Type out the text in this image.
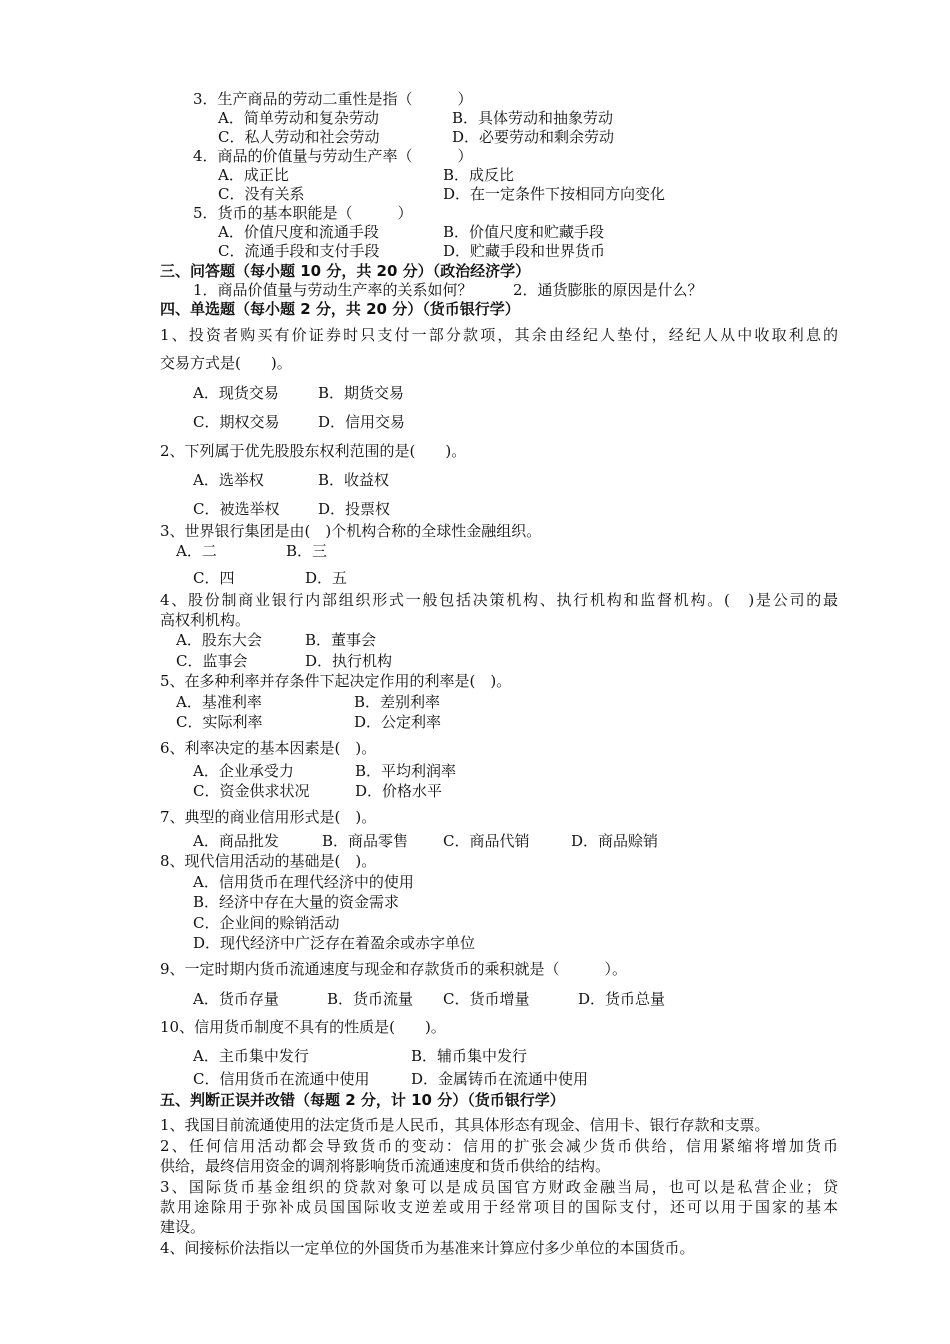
3．生产商品的劳动二重性是指（　　　）
A．简单劳动和复杂劳动	B．具体劳动和抽象劳动
C．私人劳动和社会劳动	D．必要劳动和剩余劳动
4．商品的价值量与劳动生产率（　　　）
A．成正比	B．成反比
C．没有关系	D．在一定条件下按相同方向变化
5．货币的基本职能是（　　　）
A．价值尺度和流通手段	B．价值尺度和贮藏手段
C．流通手段和支付手段	D．贮藏手段和世界货币
三、问答题（每小题 10 分，共 20 分）（政治经济学）
1．商品价值量与劳动生产率的关系如何？	2．通货膨胀的原因是什么？
四、单选题（每小题 2 分，共 20 分）（货币银行学）
1、投资者购买有价证券时只支付一部分款项，其余由经纪人垫付，经纪人从中收取利息的
交易方式是(　　)。
A．现货交易	B．期货交易
C．期权交易	D．信用交易
2、下列属于优先股股东权利范围的是(　　)。
A．选举权	B．收益权
C．被选举权	D．投票权
3、世界银行集团是由(　)个机构合称的全球性金融组织。
A．二	B．三
C．四	D．五
4、股份制商业银行内部组织形式一般包括决策机构、执行机构和监督机构。(　)是公司的最
高权利机构。
A．股东大会	B．董事会
C．监事会	D．执行机构
5、在多种利率并存条件下起决定作用的利率是(　)。
A．基准利率	B．差别利率
C．实际利率	D．公定利率
6、利率决定的基本因素是(　)。
A．企业承受力	B．平均利润率
C．资金供求状况	D．价格水平
7、典型的商业信用形式是(　)。
A．商品批发	B．商品零售 C．商品代销	D．商品赊销
8、现代信用活动的基础是(　)。
A．信用货币在理代经济中的使用
B．经济中存在大量的资金需求
C．企业间的赊销活动
D．现代经济中广泛存在着盈余或赤字单位
9、一定时期内货币流通速度与现金和存款货币的乘积就是（　　　）。
A．货币存量	B．货币流量 C．货币增量	D．货币总量
10、信用货币制度不具有的性质是(　　)。
A．主币集中发行	B．辅币集中发行
C．信用货币在流通中使用	D．金属铸币在流通中使用
五、判断正误并改错（每题 2 分，计 10 分）（货币银行学）
1、我国目前流通使用的法定货币是人民币，其具体形态有现金、信用卡、银行存款和支票。
2、任何信用活动都会导致货币的变动：信用的扩张会减少货币供给，信用紧缩将增加货币
供给，最终信用资金的调剂将影响货币流通速度和货币供给的结构。
3、国际货币基金组织的贷款对象可以是成员国官方财政金融当局，也可以是私营企业；贷
款用途除用于弥补成员国国际收支逆差或用于经常项目的国际支付，还可以用于国家的基本
建设。
4、间接标价法指以一定单位的外国货币为基准来计算应付多少单位的本国货币。
